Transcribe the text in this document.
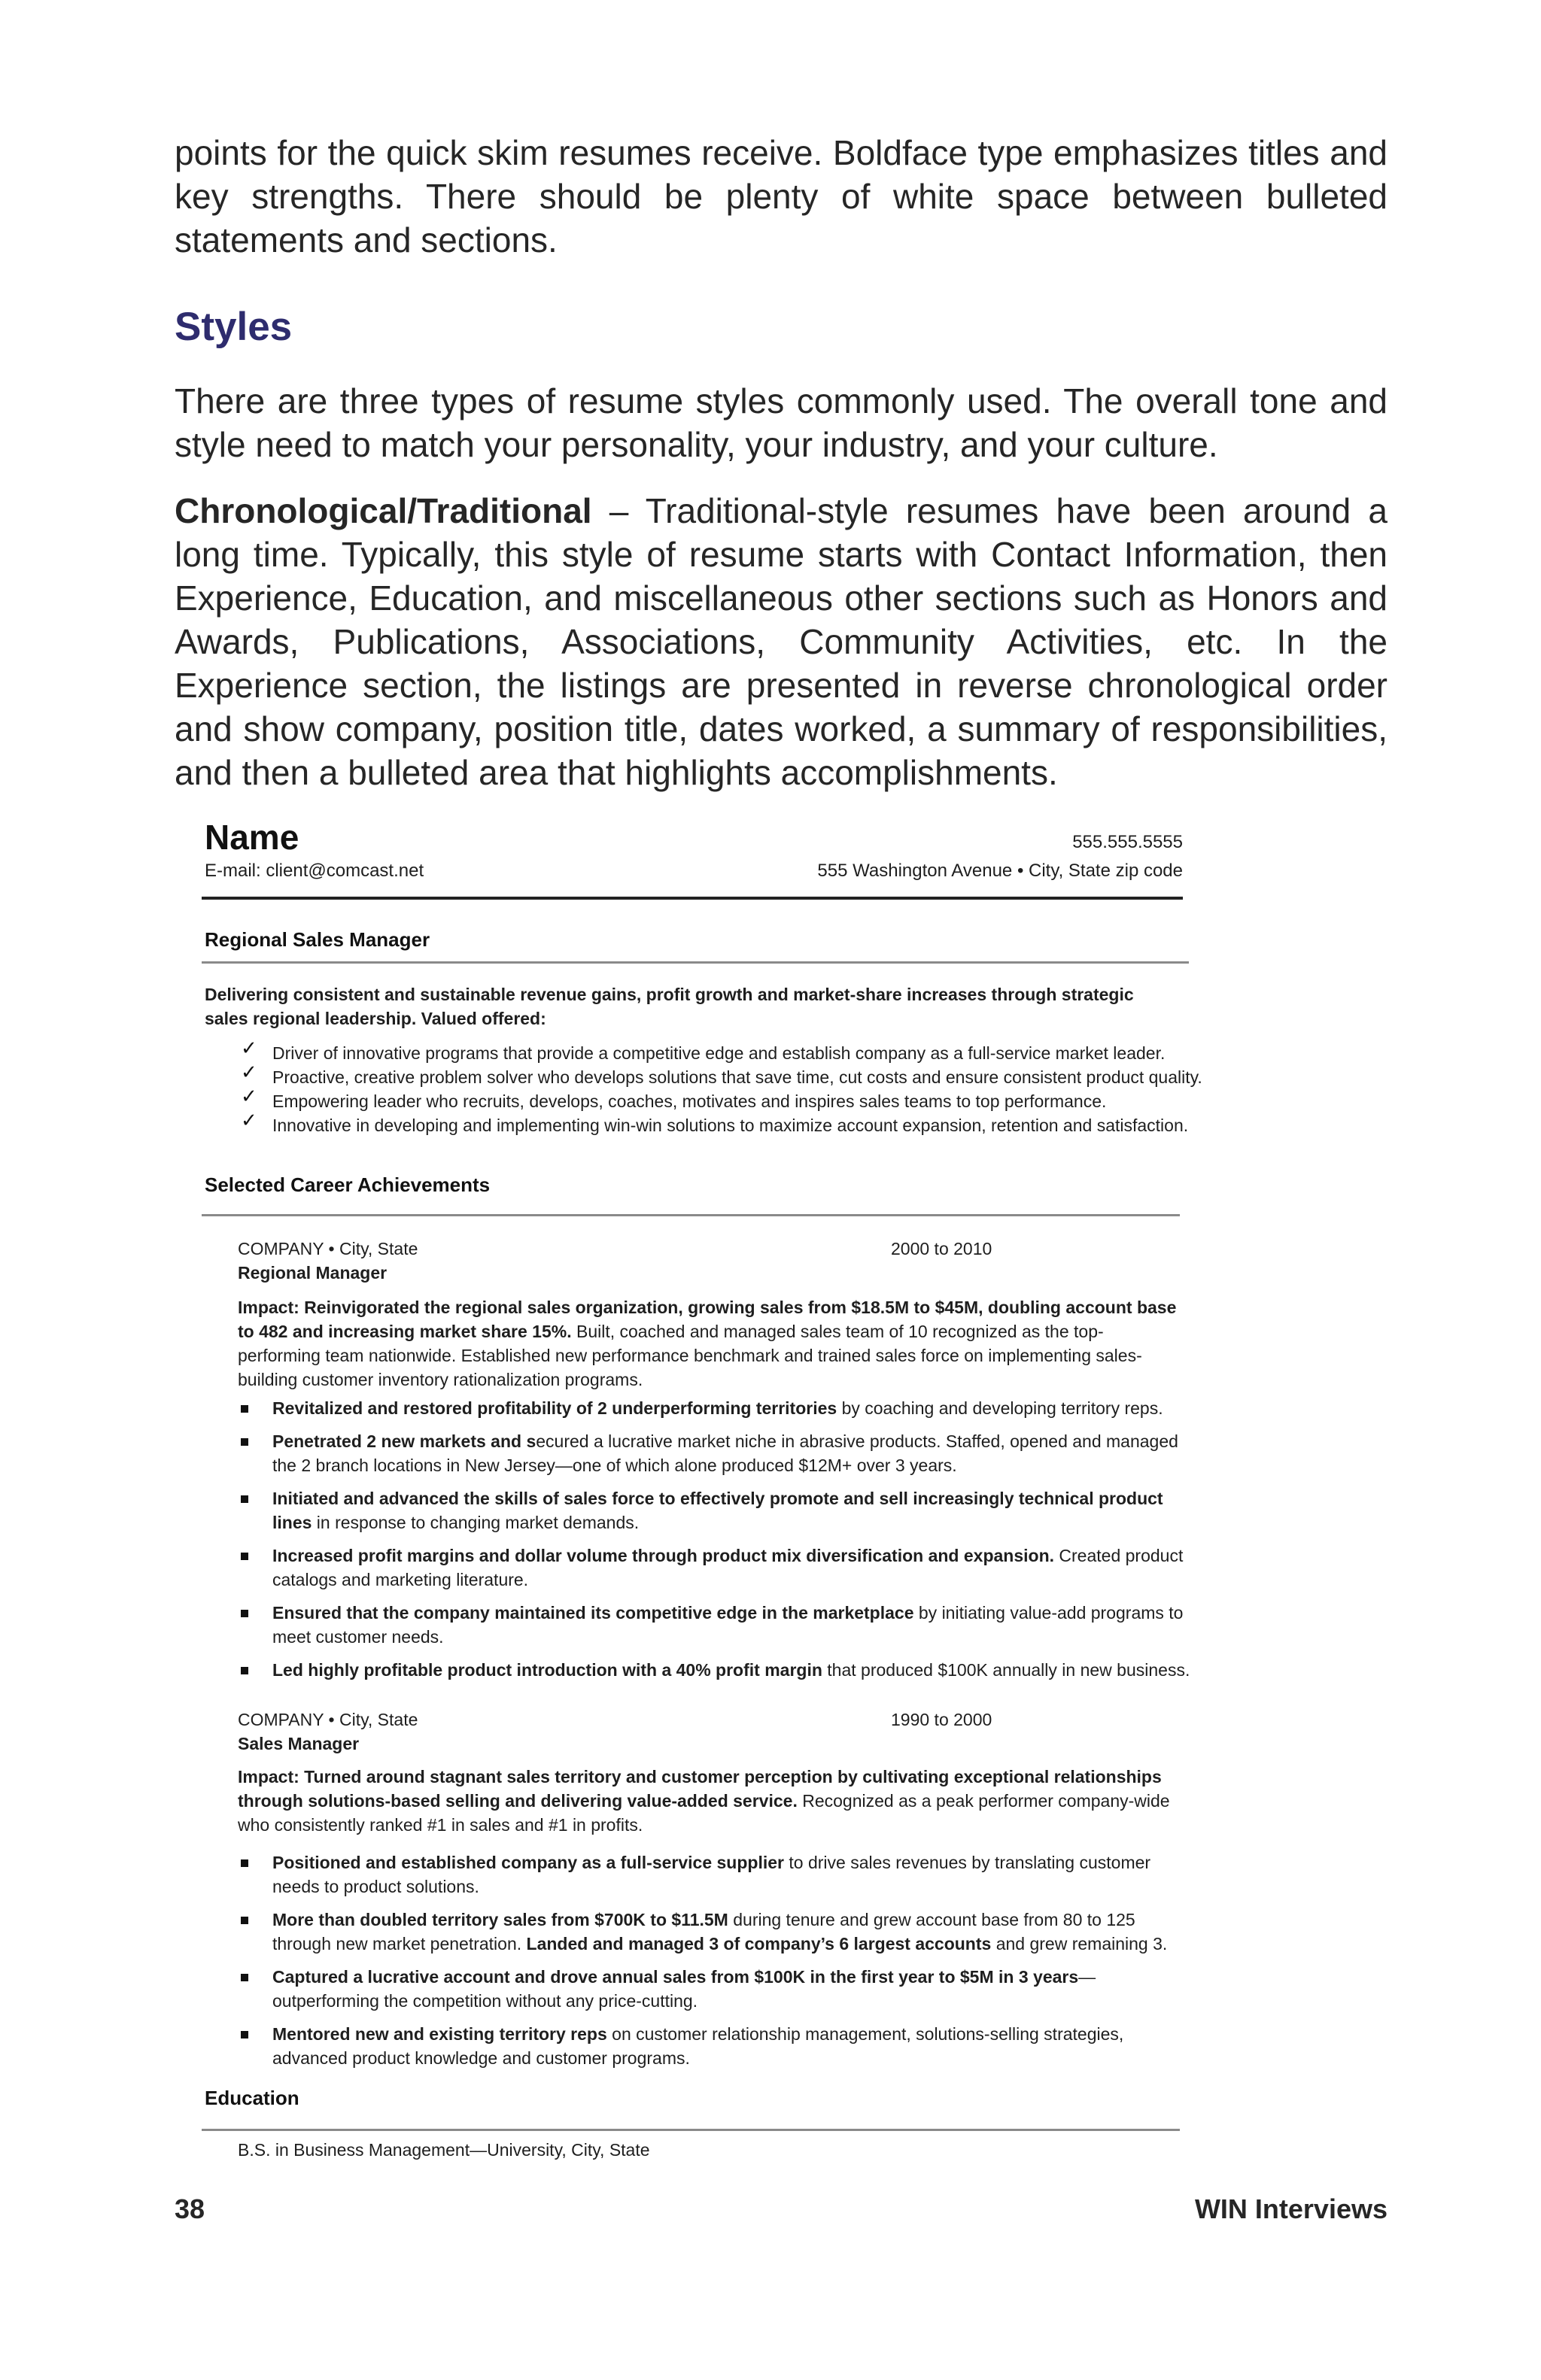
points for the quick skim resumes receive. Boldface type emphasizes titles and key strengths. There should be plenty of white space between bulleted statements and sections.
Styles
There are three types of resume styles commonly used. The overall tone and style need to match your personality, your industry, and your culture.
Chronological/Traditional – Traditional-style resumes have been around a long time. Typically, this style of resume starts with Contact Information, then Experience, Education, and miscellaneous other sections such as Honors and Awards, Publications, Associations, Community Activities, etc. In the Experience section, the listings are presented in reverse chronological order and show company, position title, dates worked, a summary of responsibilities, and then a bulleted area that highlights accomplishments.
Name	555.555.5555
E-mail: client@comcast.net	555 Washington Avenue • City, State zip code
Regional Sales Manager
Delivering consistent and sustainable revenue gains, profit growth and market-share increases through strategic sales regional leadership. Valued offered:
✓ Driver of innovative programs that provide a competitive edge and establish company as a full-service market leader.
✓ Proactive, creative problem solver who develops solutions that save time, cut costs and ensure consistent product quality.
✓ Empowering leader who recruits, develops, coaches, motivates and inspires sales teams to top performance.
✓ Innovative in developing and implementing win-win solutions to maximize account expansion, retention and satisfaction.
Selected Career Achievements
COMPANY • City, State	2000 to 2010
Regional Manager
Impact: Reinvigorated the regional sales organization, growing sales from $18.5M to $45M, doubling account base to 482 and increasing market share 15%. Built, coached and managed sales team of 10 recognized as the top-performing team nationwide. Established new performance benchmark and trained sales force on implementing sales-building customer inventory rationalization programs.
Revitalized and restored profitability of 2 underperforming territories by coaching and developing territory reps.
Penetrated 2 new markets and secured a lucrative market niche in abrasive products. Staffed, opened and managed the 2 branch locations in New Jersey—one of which alone produced $12M+ over 3 years.
Initiated and advanced the skills of sales force to effectively promote and sell increasingly technical product lines in response to changing market demands.
Increased profit margins and dollar volume through product mix diversification and expansion. Created product catalogs and marketing literature.
Ensured that the company maintained its competitive edge in the marketplace by initiating value-add programs to meet customer needs.
Led highly profitable product introduction with a 40% profit margin that produced $100K annually in new business.
COMPANY • City, State	1990 to 2000
Sales Manager
Impact: Turned around stagnant sales territory and customer perception by cultivating exceptional relationships through solutions-based selling and delivering value-added service. Recognized as a peak performer company-wide who consistently ranked #1 in sales and #1 in profits.
Positioned and established company as a full-service supplier to drive sales revenues by translating customer needs to product solutions.
More than doubled territory sales from $700K to $11.5M during tenure and grew account base from 80 to 125 through new market penetration. Landed and managed 3 of company’s 6 largest accounts and grew remaining 3.
Captured a lucrative account and drove annual sales from $100K in the first year to $5M in 3 years—outperforming the competition without any price-cutting.
Mentored new and existing territory reps on customer relationship management, solutions-selling strategies, advanced product knowledge and customer programs.
Education
B.S. in Business Management—University, City, State
38	WIN Interviews
